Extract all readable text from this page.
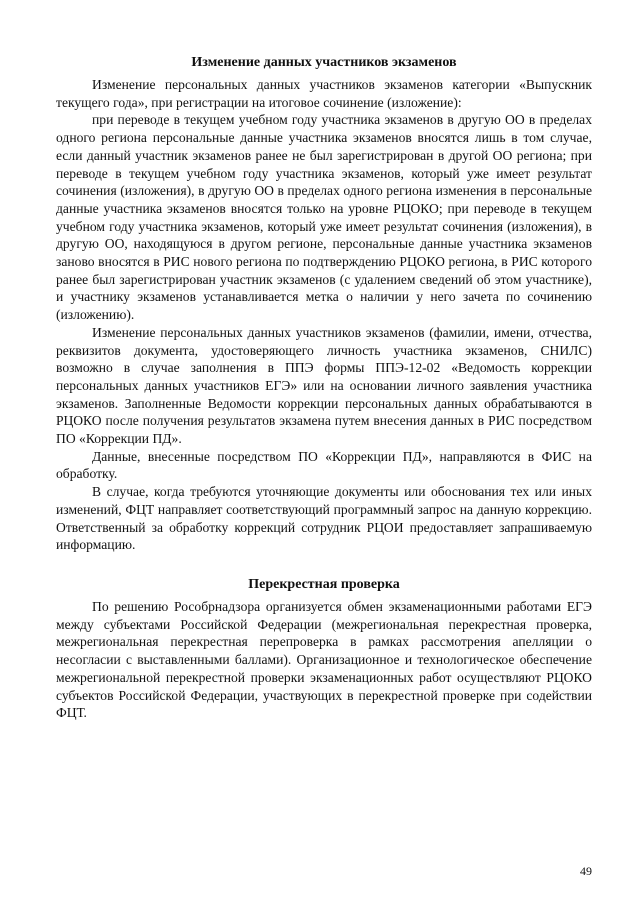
Изменение данных участников экзаменов

Изменение персональных данных участников экзаменов категории «Выпускник текущего года», при регистрации на итоговое сочинение (изложение):

при переводе в текущем учебном году участника экзаменов в другую ОО в пределах одного региона персональные данные участника экзаменов вносятся лишь в том случае, если данный участник экзаменов ранее не был зарегистрирован в другой ОО региона; при переводе в текущем учебном году участника экзаменов, который уже имеет результат сочинения (изложения), в другую ОО в пределах одного региона изменения в персональные данные участника экзаменов вносятся только на уровне РЦОКО; при переводе в текущем учебном году участника экзаменов, который уже имеет результат сочинения (изложения), в другую ОО, находящуюся в другом регионе, персональные данные участника экзаменов заново вносятся в РИС нового региона по подтверждению РЦОКО региона, в РИС которого ранее был зарегистрирован участник экзаменов (с удалением сведений об этом участнике), и участнику экзаменов устанавливается метка о наличии у него зачета по сочинению (изложению).

Изменение персональных данных участников экзаменов (фамилии, имени, отчества, реквизитов документа, удостоверяющего личность участника экзаменов, СНИЛС) возможно в случае заполнения в ППЭ формы ППЭ-12-02 «Ведомость коррекции персональных данных участников ЕГЭ» или на основании личного заявления участника экзаменов. Заполненные Ведомости коррекции персональных данных обрабатываются в РЦОКО после получения результатов экзамена путем внесения данных в РИС посредством ПО «Коррекции ПД».

Данные, внесенные посредством ПО «Коррекции ПД», направляются в ФИС на обработку.

В случае, когда требуются уточняющие документы или обоснования тех или иных изменений, ФЦТ направляет соответствующий программный запрос на данную коррекцию. Ответственный за обработку коррекций сотрудник РЦОИ предоставляет запрашиваемую информацию.

Перекрестная проверка

По решению Рособрнадзора организуется обмен экзаменационными работами ЕГЭ между субъектами Российской Федерации (межрегиональная перекрестная проверка, межрегиональная перекрестная перепроверка в рамках рассмотрения апелляции о несогласии с выставленными баллами). Организационное и технологическое обеспечение межрегиональной перекрестной проверки экзаменационных работ осуществляют РЦОКО субъектов Российской Федерации, участвующих в перекрестной проверке при содействии ФЦТ.

49
